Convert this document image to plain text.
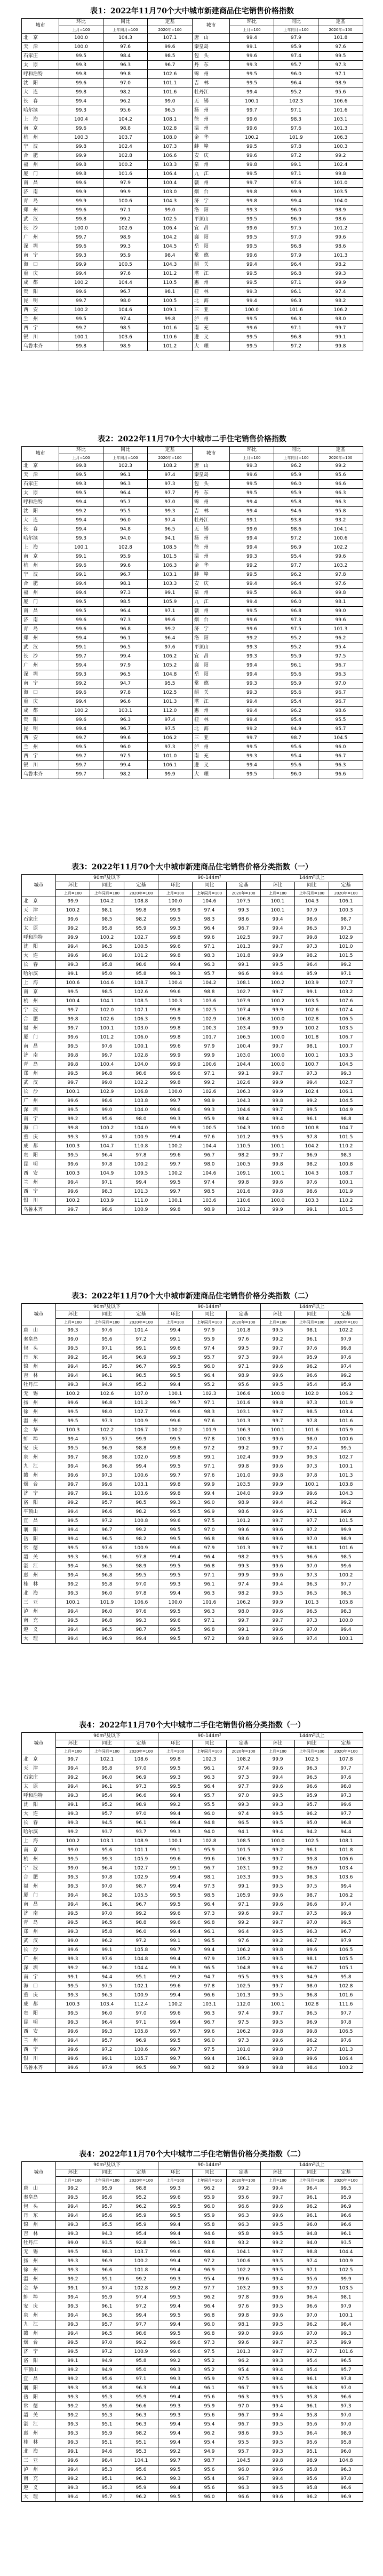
表1：2022年11月70个大中城市新建商品住宅销售价格指数
城市	环比	同比	定基	城市	环比	同比	定基
	上月=100	上年同月=100	2020年=100		上月=100	上年同月=100	2020年=100
北　京	100.0	104.3	107.1	唐　山	99.4	97.9	101.8
天　津	100.0	97.6	99.6	秦皇岛	99.1	95.9	97.6
石家庄	99.5	98.4	98.5	包　头	99.6	97.4	99.5
太　原	99.3	96.3	96.7	丹　东	99.3	95.7	97.3
呼和浩特	99.8	99.8	102.6	锦　州	99.5	96.0	97.1
沈　阳	99.6	97.0	101.1	吉　林	99.5	96.4	98.9
大　连	99.8	98.2	101.6	牡丹江	99.4	95.2	95.6
长　春	99.4	96.2	99.0	无　锡	100.1	102.3	106.6
哈尔滨	99.3	95.6	96.5	扬　州	99.7	97.1	101.6
上　海	100.4	104.2	108.1	徐　州	99.6	98.3	103.1
南　京	99.6	98.8	102.8	温　州	99.6	97.6	101.3
杭　州	100.3	103.7	108.0	金　华	100.2	101.9	106.3
宁　波	99.8	102.4	107.3	蚌　埠	99.5	97.8	100.3
合　肥	99.9	102.8	106.6	安　庆	99.6	97.2	99.2
福　州	99.8	100.2	103.3	泉　州	99.8	99.1	102.4
厦　门	99.8	101.6	106.4	九　江	99.5	97.1	99.8
南　昌	99.6	97.9	100.4	赣　州	99.7	97.6	101.0
济　南	99.9	99.9	103.0	烟　台	99.8	99.9	103.5
青　岛	99.9	100.6	104.3	济　宁	99.8	99.4	104.0
郑　州	99.6	97.1	99.0	洛　阳	99.3	96.0	98.9
武　汉	99.8	99.2	102.5	平顶山	99.5	96.9	98.6
长　沙	100.0	102.6	106.4	宜　昌	99.6	97.5	101.2
广　州	99.7	98.9	104.2	襄　阳	99.5	97.0	99.6
深　圳	99.6	99.3	104.5	岳　阳	99.5	96.8	98.6
南　宁	99.3	95.9	98.4	常　德	99.6	97.9	101.3
海　口	99.9	100.5	104.3	韶　关	99.4	96.4	98.2
重　庆	99.4	97.6	101.2	湛　江	99.5	96.8	99.3
成　都	100.2	104.4	110.5	惠　州	99.5	97.1	99.9
贵　阳	99.6	96.7	98.1	桂　林	99.3	96.1	97.4
昆　明	99.7	98.0	100.5	北　海	99.4	96.3	98.2
西　安	100.2	104.6	109.1	三　亚	100.0	101.6	106.2
兰　州	99.5	97.4	99.8	泸　州	99.5	96.3	98.0
西　宁	99.7	98.5	101.6	南　充	99.6	97.1	99.7
银　川	100.1	103.6	110.6	遵　义	99.5	96.8	99.1
乌鲁木齐	99.8	98.9	101.2	大　理	99.5	97.2	99.8
表2：2022年11月70个大中城市二手住宅销售价格指数
城市	环比	同比	定基	城市	环比	同比	定基
	上月=100	上年同月=100	2020年=100		上月=100	上年同月=100	2020年=100
北　京	99.8	102.3	108.2	唐　山	99.3	96.2	99.2
天　津	99.5	96.1	97.4	秦皇岛	99.6	95.9	95.6
石家庄	99.3	96.3	97.3	包　头	99.5	96.0	96.6
太　原	99.5	96.4	97.7	丹　东	99.5	95.9	96.3
呼和浩特	99.4	95.7	97.0	锦　州	99.4	95.8	96.3
沈　阳	99.2	95.5	99.3	吉　林	99.4	94.6	95.8
大　连	99.4	96.0	97.4	牡丹江	99.1	93.8	93.2
长　春	99.4	94.8	96.5	无　锡	99.6	98.6	104.1
哈尔滨	99.3	94.0	94.1	扬　州	99.4	97.2	100.6
上　海	100.1	102.8	108.5	徐　州	99.4	96.9	102.2
南　京	99.1	95.9	101.5	温　州	99.3	95.4	99.6
杭　州	99.6	99.6	106.3	金　华	99.2	97.7	103.2
宁　波	99.1	96.7	103.1	蚌　埠	99.5	96.2	97.8
合　肥	99.4	98.1	103.3	安　庆	99.4	96.4	97.6
福　州	99.4	97.3	99.1	泉　州	99.5	96.8	99.8
厦　门	99.5	98.5	105.9	九　江	99.4	96.0	98.1
南　昌	99.5	96.4	97.1	赣　州	99.5	96.8	99.0
济　南	99.6	97.3	99.6	烟　台	99.6	97.3	99.6
青　岛	99.6	96.8	99.2	济　宁	99.6	97.5	101.3
郑　州	99.4	96.1	96.4	洛　阳	99.2	95.2	96.2
武　汉	99.1	96.5	97.6	平顶山	99.3	95.2	95.4
长　沙	99.7	99.4	106.2	宜　昌	99.3	95.9	97.5
广　州	99.4	97.9	105.2	襄　阳	99.4	96.1	96.7
深　圳	99.3	96.5	104.8	岳　阳	99.4	95.6	96.3
南　宁	99.2	94.7	95.5	常　德	99.3	95.9	97.0
海　口	99.6	97.8	102.5	韶　关	99.3	95.6	96.7
重　庆	99.4	96.6	101.3	湛　江	99.4	95.4	96.7
成　都	100.2	103.1	112.0	惠　州	99.4	96.2	98.6
贵　阳	99.6	96.3	97.4	桂　林	99.4	95.4	95.5
昆　明	99.4	96.7	97.5	北　海	99.2	94.9	95.7
西　安	99.7	99.6	106.2	三　亚	99.7	98.7	104.5
兰　州	99.5	96.0	97.3	泸　州	99.5	95.6	96.0
西　宁	99.7	97.5	101.0	南　充	99.3	95.4	96.7
银　川	99.7	99.4	106.1	遵　义	99.4	95.6	96.3
乌鲁木齐	99.7	98.2	99.9	大　理	99.5	96.0	96.6
表3：2022年11月70个大中城市新建商品住宅销售价格分类指数（一）
城市	90m²及以下			90-144m²			144m²以上		
	环比	同比	定基	环比	同比	定基	环比	同比	定基
	上月=100	上年同月=100	2020年=100	上月=100	上年同月=100	2020年=100	上月=100	上年同月=100	2020年=100
北　京	99.9	104.2	108.8	100.0	104.6	107.5	100.1	104.3	106.1
天　津	100.2	98.1	99.8	99.9	97.4	99.3	100.1	97.9	100.3
石家庄	99.6	98.5	98.2	99.5	98.3	98.6	99.4	98.6	98.7
太　原	99.2	95.8	95.9	99.3	96.4	96.7	99.4	96.5	97.3
呼和浩特	99.9	100.2	102.7	99.8	99.6	102.5	99.7	99.8	102.9
沈　阳	99.4	96.5	100.5	99.6	97.1	101.3	99.7	97.3	101.0
大　连	99.6	98.0	101.2	99.8	98.3	101.8	99.9	98.2	101.5
长　春	99.3	95.8	98.6	99.4	96.3	99.1	99.5	96.4	99.2
哈尔滨	99.1	95.0	95.8	99.3	95.7	96.6	99.4	95.9	97.1
上　海	100.6	104.6	108.7	100.4	104.2	108.1	100.2	103.9	107.7
南　京	99.5	98.5	102.6	99.6	98.8	102.7	99.7	99.1	103.2
杭　州	100.4	104.1	108.5	100.3	103.6	107.9	100.2	103.5	107.6
宁　波	99.7	102.0	107.1	99.8	102.5	107.4	99.9	102.6	107.4
合　肥	99.8	102.6	106.3	99.9	102.9	106.8	100.0	102.8	106.5
福　州	99.7	100.1	103.0	99.8	100.3	103.4	99.9	100.2	103.5
厦　门	99.6	101.2	106.0	99.8	101.7	106.5	100.0	101.8	106.7
南　昌	99.5	97.6	100.1	99.6	97.9	100.4	99.7	98.1	100.7
济　南	99.8	99.7	102.8	99.9	99.9	103.0	100.0	100.1	103.3
青　岛	99.8	100.4	104.0	99.9	100.6	104.4	100.0	100.7	104.5
郑　州	99.5	96.8	98.6	99.6	97.1	99.1	99.7	97.3	99.3
武　汉	99.7	99.0	102.2	99.8	99.2	102.6	99.9	99.4	102.7
长　沙	100.1	102.9	106.8	100.0	102.6	106.3	99.9	102.4	106.1
广　州	99.6	98.6	103.8	99.7	98.9	104.3	99.8	99.2	104.5
深　圳	99.5	99.0	104.0	99.6	99.3	104.6	99.7	99.5	104.9
南　宁	99.2	95.6	98.0	99.3	95.9	98.4	99.4	96.1	98.8
海　口	99.8	100.2	104.0	99.9	100.5	104.3	100.0	100.8	104.7
重　庆	99.3	97.4	100.9	99.4	97.6	101.2	99.5	97.8	101.5
成　都	100.3	104.7	110.8	100.2	104.4	110.5	100.1	104.2	110.2
贵　阳	99.5	96.4	97.8	99.6	96.7	98.2	99.7	96.9	98.3
昆　明	99.6	97.8	100.2	99.7	98.0	100.5	99.8	98.2	100.8
西　安	100.3	104.9	109.5	100.2	104.6	109.1	100.1	104.3	108.7
兰　州	99.4	97.1	99.4	99.5	97.4	99.8	99.6	97.6	100.1
西　宁	99.6	98.3	101.3	99.7	98.5	101.6	99.8	98.6	101.9
银　川	100.2	103.9	111.0	100.1	103.6	110.6	100.0	103.3	110.2
乌鲁木齐	99.7	98.6	100.9	99.8	98.9	101.2	99.9	99.1	101.5
表3：2022年11月70个大中城市新建商品住宅销售价格分类指数（二）
城市	90m²及以下			90-144m²			144m²以上		
	环比	同比	定基	环比	同比	定基	环比	同比	定基
	上月=100	上年同月=100	2020年=100	上月=100	上年同月=100	2020年=100	上月=100	上年同月=100	2020年=100
唐　山	99.3	97.6	101.4	99.4	97.9	101.8	99.5	98.1	102.2
秦皇岛	99.0	95.6	97.2	99.1	95.9	97.6	99.2	96.1	97.9
包　头	99.5	97.1	99.1	99.6	97.4	99.5	99.7	97.6	99.8
丹　东	99.2	95.4	96.9	99.3	95.7	97.3	99.4	95.9	97.6
锦　州	99.4	95.7	96.7	99.5	96.0	97.1	99.6	96.2	97.4
吉　林	99.4	96.1	98.5	99.5	96.4	98.9	99.6	96.6	99.2
牡丹江	99.3	94.9	95.2	99.4	95.2	95.6	99.5	95.4	95.9
无　锡	100.2	102.6	107.0	100.1	102.3	106.6	100.0	102.0	106.2
扬　州	99.6	96.8	101.2	99.7	97.1	101.6	99.8	97.3	101.9
徐　州	99.5	98.0	102.7	99.6	98.3	103.1	99.7	98.5	103.4
温　州	99.5	97.3	100.9	99.6	97.6	101.3	99.7	97.8	101.6
金　华	100.3	102.2	106.7	100.2	101.9	106.3	100.1	101.6	105.9
蚌　埠	99.4	97.5	99.9	99.5	97.8	100.3	99.6	98.0	100.6
安　庆	99.5	96.9	98.8	99.6	97.2	99.2	99.7	97.4	99.5
泉　州	99.7	98.8	102.0	99.8	99.1	102.4	99.9	99.3	102.7
九　江	99.4	96.8	99.4	99.5	97.1	99.8	99.6	97.3	100.1
赣　州	99.6	97.3	100.6	99.7	97.6	101.0	99.8	97.8	101.3
烟　台	99.7	99.6	103.1	99.8	99.9	103.5	99.9	100.1	103.8
济　宁	99.7	99.1	103.6	99.8	99.4	104.0	99.9	99.6	104.3
洛　阳	99.2	95.7	98.5	99.3	96.0	98.9	99.4	96.2	99.2
平顶山	99.4	96.6	98.2	99.5	96.9	98.6	99.6	97.1	98.9
宜　昌	99.5	97.2	100.8	99.6	97.5	101.2	99.7	97.7	101.5
襄　阳	99.4	96.7	99.2	99.5	97.0	99.6	99.6	97.2	99.9
岳　阳	99.4	96.5	98.2	99.5	96.8	98.6	99.6	97.0	98.9
常　德	99.5	97.6	100.9	99.6	97.9	101.3	99.7	98.1	101.6
韶　关	99.3	96.1	97.8	99.4	96.4	98.2	99.5	96.6	98.5
湛　江	99.4	96.5	98.9	99.5	96.8	99.3	99.6	97.0	99.6
惠　州	99.4	96.8	99.5	99.5	97.1	99.9	99.6	97.3	100.2
桂　林	99.2	95.8	97.0	99.3	96.1	97.4	99.4	96.3	97.7
北　海	99.3	96.0	97.8	99.4	96.3	98.2	99.5	96.5	98.5
三　亚	100.1	101.9	106.6	100.0	101.6	106.2	99.9	101.3	105.8
泸　州	99.4	96.0	97.6	99.5	96.3	98.0	99.6	96.5	98.3
南　充	99.5	96.8	99.3	99.6	97.1	99.7	99.7	97.3	100.0
遵　义	99.4	96.5	98.7	99.5	96.8	99.1	99.6	97.0	99.4
大　理	99.4	96.9	99.4	99.5	97.2	99.8	99.6	97.4	100.1
表4：2022年11月70个大中城市二手住宅销售价格分类指数（一）
城市	90m²及以下			90-144m²			144m²以上		
	环比	同比	定基	环比	同比	定基	环比	同比	定基
	上月=100	上年同月=100	2020年=100	上月=100	上年同月=100	2020年=100	上月=100	上年同月=100	2020年=100
北　京	99.7	102.1	108.6	99.8	102.3	108.2	99.9	102.5	107.8
天　津	99.4	95.8	97.0	99.5	96.1	97.4	99.6	96.3	97.7
石家庄	99.2	96.0	96.9	99.3	96.3	97.3	99.4	96.5	97.6
太　原	99.4	96.1	97.3	99.5	96.4	97.7	99.6	96.6	98.0
呼和浩特	99.3	95.4	96.6	99.4	95.7	97.0	99.5	95.9	97.3
沈　阳	99.1	95.2	98.9	99.2	95.5	99.3	99.3	95.7	99.6
大　连	99.3	95.7	97.0	99.4	96.0	97.4	99.5	96.2	97.7
长　春	99.3	94.5	96.1	99.4	94.8	96.5	99.5	95.0	96.8
哈尔滨	99.2	93.7	93.7	99.3	94.0	94.1	99.4	94.2	94.4
上　海	100.2	103.1	108.9	100.1	102.8	108.5	100.0	102.5	108.1
南　京	99.0	95.6	101.1	99.1	95.9	101.5	99.2	96.1	101.8
杭　州	99.5	99.3	105.9	99.6	99.6	106.3	99.7	99.8	106.6
宁　波	99.0	96.4	102.7	99.1	96.7	103.1	99.2	96.9	103.4
合　肥	99.3	97.8	102.9	99.4	98.1	103.3	99.5	98.3	103.6
福　州	99.3	97.0	98.7	99.4	97.3	99.1	99.5	97.5	99.4
厦　门	99.4	98.2	105.5	99.5	98.5	105.9	99.6	98.7	106.2
南　昌	99.4	96.1	96.7	99.5	96.4	97.1	99.6	96.6	97.4
济　南	99.5	97.0	99.2	99.6	97.3	99.6	99.7	97.5	99.9
青　岛	99.5	96.5	98.8	99.6	96.8	99.2	99.7	97.0	99.5
郑　州	99.3	95.8	96.0	99.4	96.1	96.4	99.5	96.3	96.7
武　汉	99.0	96.2	97.2	99.1	96.5	97.6	99.2	96.7	97.9
长　沙	99.6	99.1	105.8	99.7	99.4	106.2	99.8	99.6	106.5
广　州	99.3	97.6	104.8	99.4	97.9	105.2	99.5	98.1	105.5
深　圳	99.2	96.2	104.4	99.3	96.5	104.8	99.4	96.7	105.1
南　宁	99.1	94.4	95.1	99.2	94.7	95.5	99.3	94.9	95.8
海　口	99.5	97.5	102.1	99.6	97.8	102.5	99.7	98.0	102.8
重　庆	99.3	96.3	100.9	99.4	96.6	101.3	99.5	96.8	101.6
成　都	100.3	103.4	112.4	100.2	103.1	112.0	100.1	102.8	111.6
贵　阳	99.5	96.0	97.0	99.6	96.3	97.4	99.7	96.5	97.7
昆　明	99.3	96.4	97.1	99.4	96.7	97.5	99.5	96.9	97.8
西　安	99.6	99.3	105.8	99.7	99.6	106.2	99.8	99.8	106.5
兰　州	99.4	95.7	96.9	99.5	96.0	97.3	99.6	96.2	97.6
西　宁	99.6	97.2	100.6	99.7	97.5	101.0	99.8	97.7	101.3
银　川	99.6	99.1	105.7	99.7	99.4	106.1	99.8	99.6	106.4
乌鲁木齐	99.6	97.9	99.5	99.7	98.2	99.9	99.8	98.4	100.2
表4：2022年11月70个大中城市二手住宅销售价格分类指数（二）
城市	90m²及以下			90-144m²			144m²以上		
	环比	同比	定基	环比	同比	定基	环比	同比	定基
	上月=100	上年同月=100	2020年=100	上月=100	上年同月=100	2020年=100	上月=100	上年同月=100	2020年=100
唐　山	99.2	95.9	98.8	99.3	96.2	99.2	99.4	96.4	99.5
秦皇岛	99.5	95.6	95.2	99.6	95.9	95.6	99.7	96.1	95.9
包　头	99.4	95.7	96.2	99.5	96.0	96.6	99.6	96.2	96.9
丹　东	99.4	95.6	95.9	99.5	95.9	96.3	99.6	96.1	96.6
锦　州	99.3	95.5	95.9	99.4	95.8	96.3	99.5	96.0	96.6
吉　林	99.3	94.3	95.4	99.4	94.6	95.8	99.5	94.8	96.1
牡丹江	99.0	93.5	92.8	99.1	93.8	93.2	99.2	94.0	93.5
无　锡	99.5	98.3	103.7	99.6	98.6	104.1	99.7	98.8	104.4
扬　州	99.3	96.9	100.2	99.4	97.2	100.6	99.5	97.4	100.9
徐　州	99.3	96.6	101.8	99.4	96.9	102.2	99.5	97.1	102.5
温　州	99.2	95.1	99.2	99.3	95.4	99.6	99.4	95.6	99.9
金　华	99.1	97.4	102.8	99.2	97.7	103.2	99.3	97.9	103.5
蚌　埠	99.4	95.9	97.4	99.5	96.2	97.8	99.6	96.4	98.1
安　庆	99.3	96.1	97.2	99.4	96.4	97.6	99.5	96.6	97.9
泉　州	99.4	96.5	99.4	99.5	96.8	99.8	99.6	97.0	100.1
九　江	99.3	95.7	97.7	99.4	96.0	98.1	99.5	96.2	98.4
赣　州	99.4	96.5	98.6	99.5	96.8	99.0	99.6	97.0	99.3
烟　台	99.5	97.0	99.2	99.6	97.3	99.6	99.7	97.5	99.9
济　宁	99.5	97.2	100.9	99.6	97.5	101.3	99.7	97.7	101.6
洛　阳	99.1	94.9	95.8	99.2	95.2	96.2	99.3	95.4	96.5
平顶山	99.2	94.9	95.0	99.3	95.2	95.4	99.4	95.4	95.7
宜　昌	99.2	95.6	97.1	99.3	95.9	97.5	99.4	96.1	97.8
襄　阳	99.3	95.8	96.3	99.4	96.1	96.7	99.5	96.3	97.0
岳　阳	99.3	95.3	95.9	99.4	95.6	96.3	99.5	95.8	96.6
常　德	99.2	95.6	96.6	99.3	95.9	97.0	99.4	96.1	97.3
韶　关	99.2	95.3	96.3	99.3	95.6	96.7	99.4	95.8	97.0
湛　江	99.3	95.1	96.3	99.4	95.4	96.7	99.5	95.6	97.0
惠　州	99.3	95.9	98.2	99.4	96.2	98.6	99.5	96.4	98.9
桂　林	99.3	95.1	95.1	99.4	95.4	95.5	99.5	95.6	95.8
北　海	99.1	94.6	95.3	99.2	94.9	95.7	99.3	95.1	96.0
三　亚	99.6	98.4	104.1	99.7	98.7	104.5	99.8	98.9	104.8
泸　州	99.4	95.3	95.6	99.5	95.6	96.0	99.6	95.8	96.3
南　充	99.2	95.1	96.3	99.3	95.4	96.7	99.4	95.6	97.0
遵　义	99.3	95.3	95.9	99.4	95.6	96.3	99.5	95.8	96.6
大　理	99.4	95.7	96.2	99.5	96.0	96.6	99.6	96.2	96.9
